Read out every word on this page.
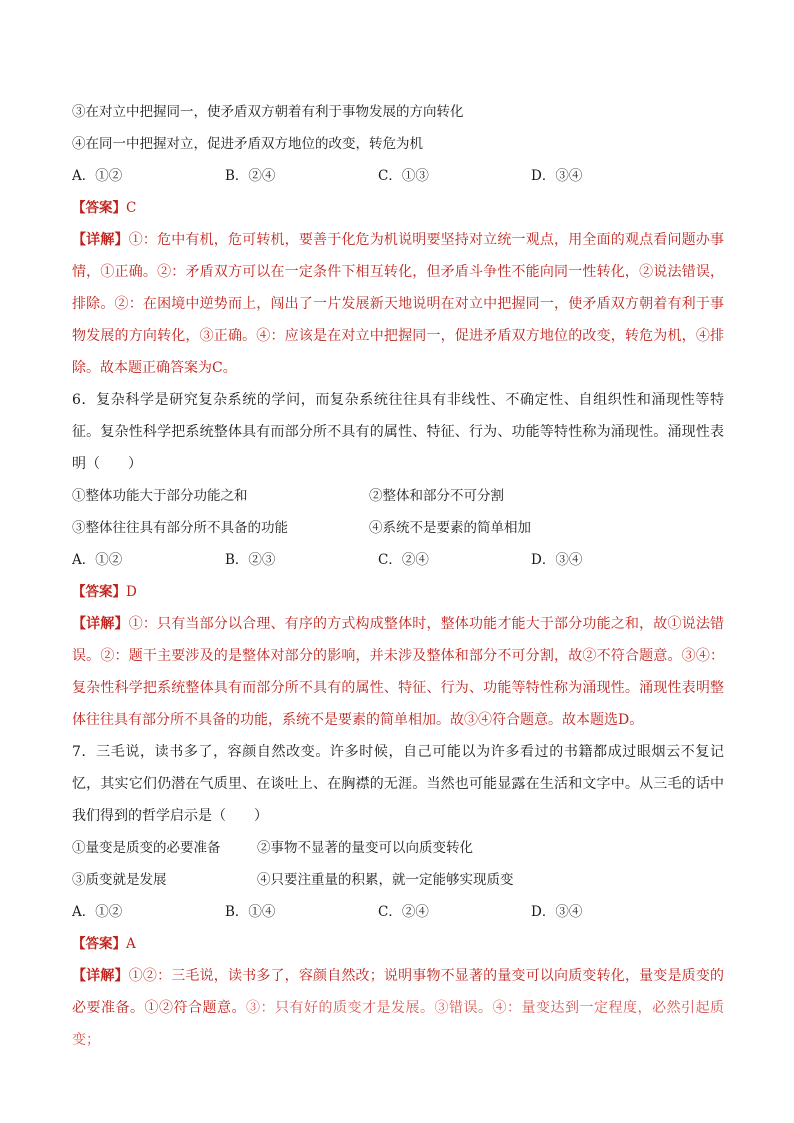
③在对立中把握同一，使矛盾双方朝着有利于事物发展的方向转化
④在同一中把握对立，促进矛盾双方地位的改变，转危为机
A．①②	B．②④	C．①③	D．③④
【答案】C

【详解】①：危中有机，危可转机，要善于化危为机说明要坚持对立统一观点，用全面的观点看问题办事情，①正确。②：矛盾双方可以在一定条件下相互转化，但矛盾斗争性不能向同一性转化，②说法错误，排除。②：在困境中逆势而上，闯出了一片发展新天地说明在对立中把握同一，使矛盾双方朝着有利于事物发展的方向转化，③正确。④：应该是在对立中把握同一，促进矛盾双方地位的改变，转危为机，④排除。故本题正确答案为C。

6．复杂科学是研究复杂系统的学问，而复杂系统往往具有非线性、不确定性、自组织性和涌现性等特征。复杂性科学把系统整体具有而部分所不具有的属性、特征、行为、功能等特性称为涌现性。涌现性表明（　　）

①整体功能大于部分功能之和	②整体和部分不可分割
③整体往往具有部分所不具备的功能	④系统不是要素的简单相加
A．①②	B．②③	C．②④	D．③④
【答案】D

【详解】①：只有当部分以合理、有序的方式构成整体时，整体功能才能大于部分功能之和，故①说法错误。②：题干主要涉及的是整体对部分的影响，并未涉及整体和部分不可分割，故②不符合题意。③④：复杂性科学把系统整体具有而部分所不具有的属性、特征、行为、功能等特性称为涌现性。涌现性表明整体往往具有部分所不具备的功能，系统不是要素的简单相加。故③④符合题意。故本题选D。

7．三毛说，读书多了，容颜自然改变。许多时候，自己可能以为许多看过的书籍都成过眼烟云不复记忆，其实它们仍潜在气质里、在谈吐上、在胸襟的无涯。当然也可能显露在生活和文字中。从三毛的话中我们得到的哲学启示是（　　）

①量变是质变的必要准备	②事物不显著的量变可以向质变转化
③质变就是发展	④只要注重量的积累，就一定能够实现质变
A．①②	B．①④	C．②④	D．③④
【答案】A

【详解】①②：三毛说，读书多了，容颜自然改；说明事物不显著的量变可以向质变转化，量变是质变的必要准备。①②符合题意。③：只有好的质变才是发展。③错误。④：量变达到一定程度，必然引起质变；
